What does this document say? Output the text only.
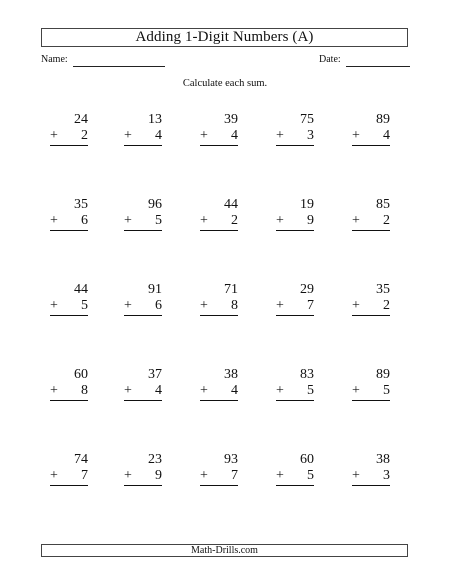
Adding 1-Digit Numbers (A)
Name:	Date:
Calculate each sum.
24
+ 2
13
+ 4
39
+ 4
75
+ 3
89
+ 4
35
+ 6
96
+ 5
44
+ 2
19
+ 9
85
+ 2
44
+ 5
91
+ 6
71
+ 8
29
+ 7
35
+ 2
60
+ 8
37
+ 4
38
+ 4
83
+ 5
89
+ 5
74
+ 7
23
+ 9
93
+ 7
60
+ 5
38
+ 3
Math-Drills.com
